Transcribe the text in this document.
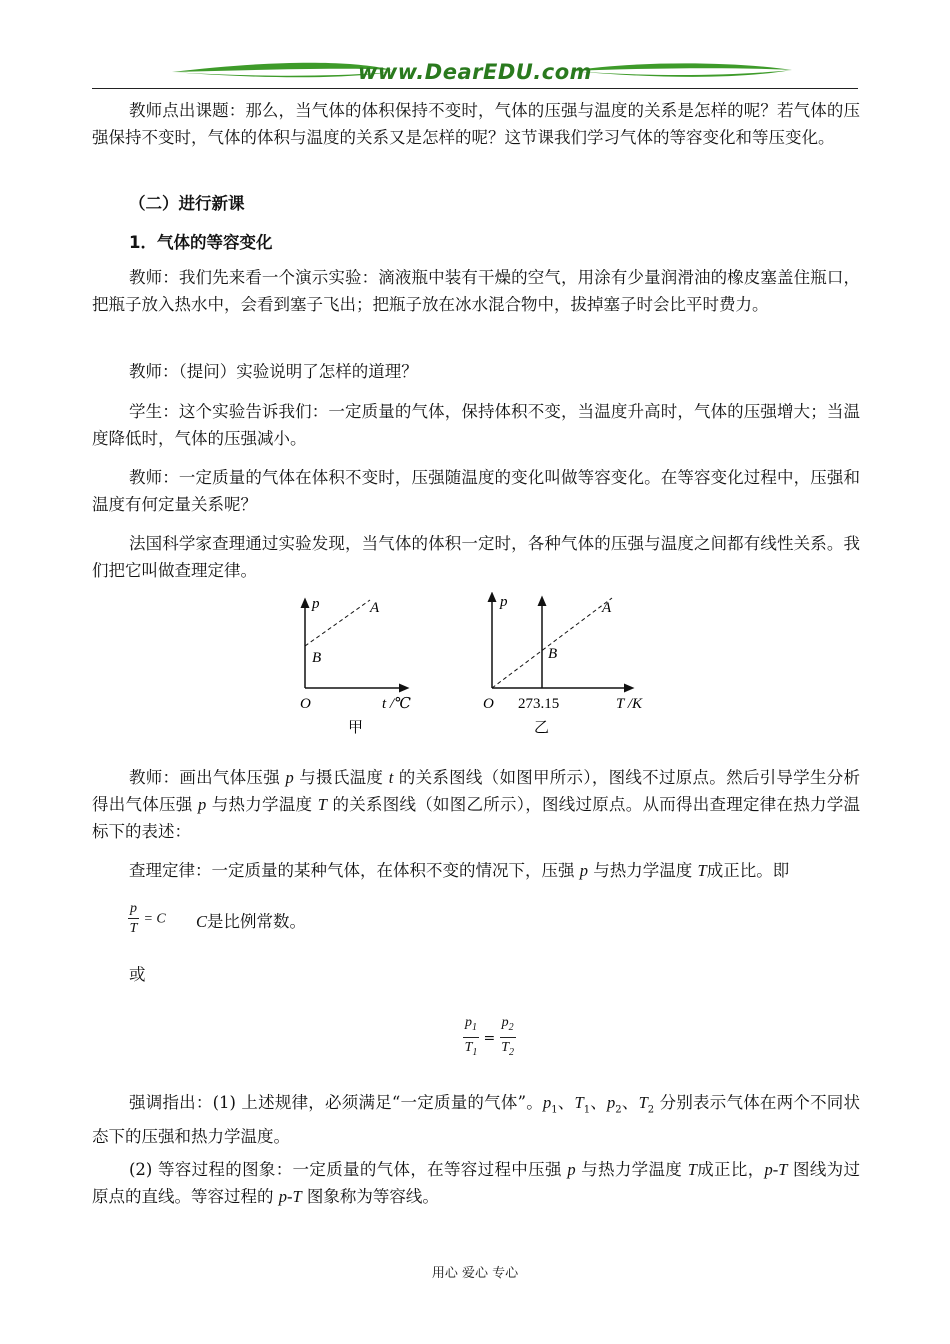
www.DearEDU.com

教师点出课题：那么，当气体的体积保持不变时，气体的压强与温度的关系是怎样的呢？若气体的压强保持不变时，气体的体积与温度的关系又是怎样的呢？这节课我们学习气体的等容变化和等压变化。

（二）进行新课

1．气体的等容变化

教师：我们先来看一个演示实验：滴液瓶中装有干燥的空气，用涂有少量润滑油的橡皮塞盖住瓶口，把瓶子放入热水中，会看到塞子飞出；把瓶子放在冰水混合物中，拔掉塞子时会比平时费力。

教师：（提问）实验说明了怎样的道理？

学生：这个实验告诉我们：一定质量的气体，保持体积不变，当温度升高时，气体的压强增大；当温度降低时，气体的压强减小。

教师：一定质量的气体在体积不变时，压强随温度的变化叫做等容变化。在等容变化过程中，压强和温度有何定量关系呢？

法国科学家查理通过实验发现，当气体的体积一定时，各种气体的压强与温度之间都有线性关系。我们把它叫做查理定律。

p	A
B
O	t /℃
甲
p	A
B
O 273.15	T /K
乙

教师：画出气体压强 p 与摄氏温度 t 的关系图线（如图甲所示），图线不过原点。然后引导学生分析得出气体压强 p 与热力学温度 T 的关系图线（如图乙所示），图线过原点。从而得出查理定律在热力学温标下的表述：

查理定律：一定质量的某种气体，在体积不变的情况下，压强 p 与热力学温度 T成正比。即

$\frac{p}{T} = C$ C是比例常数。
或
$\frac{p_1}{T_1} = \frac{p_2}{T_2}$

强调指出：(1) 上述规律，必须满足“一定质量的气体”。$p_1$、$T_1$、$p_2$、$T_2$ 分别表示气体在两个不同状态下的压强和热力学温度。

(2) 等容过程的图象：一定质量的气体，在等容过程中压强 p 与热力学温度 T成正比，p-T 图线为过原点的直线。等容过程的 p-T 图象称为等容线。

用心 爱心 专心
